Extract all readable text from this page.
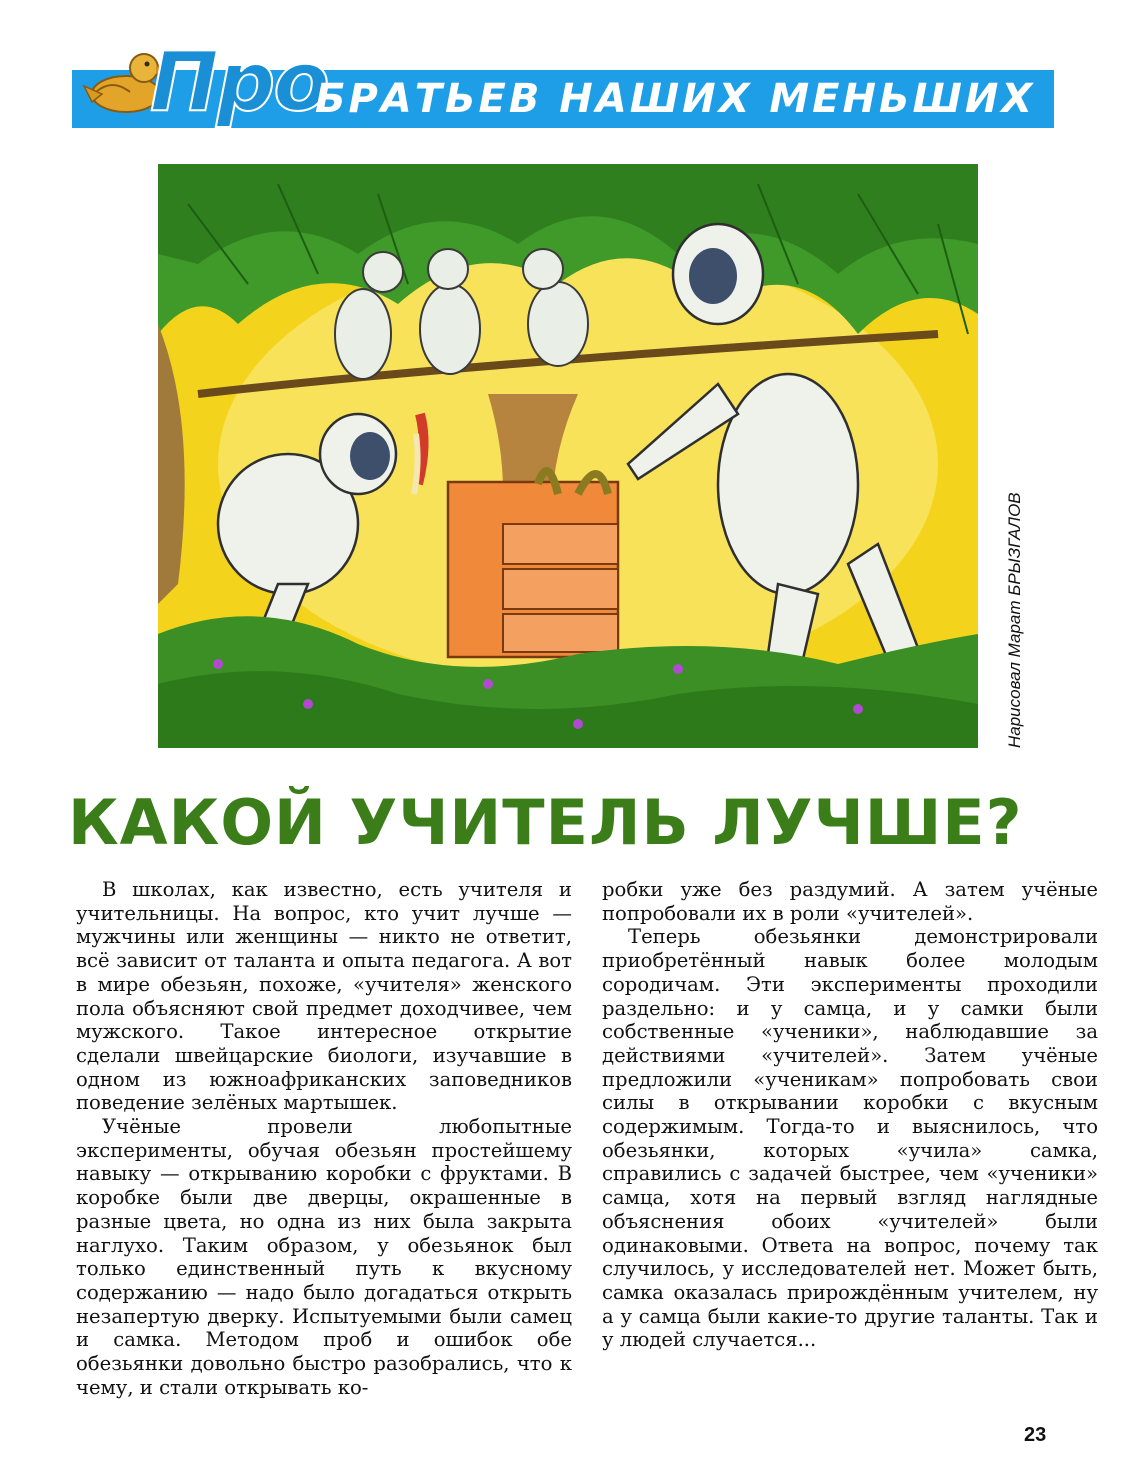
Про
БРАТЬЕВ НАШИХ МЕНЬШИХ
Нарисовал Марат БРЫЗГАЛОВ
КАКОЙ УЧИТЕЛЬ ЛУЧШЕ?

В школах, как известно, есть учителя и учительницы. На вопрос, кто учит лучше — мужчины или женщины — никто не ответит, всё зависит от таланта и опыта педагога. А вот в мире обезьян, похоже, «учителя» женского пола объясняют свой предмет доходчивее, чем мужского. Такое интересное открытие сделали швейцарские биологи, изучавшие в одном из южноафриканских заповедников поведение зелёных мартышек.

Учёные провели любопытные эксперименты, обучая обезьян простейшему навыку — открыванию коробки с фруктами. В коробке были две дверцы, окрашенные в разные цвета, но одна из них была закрыта наглухо. Таким образом, у обезьянок был только единственный путь к вкусному содержанию — надо было догадаться открыть незапертую дверку. Испытуемыми были самец и самка. Методом проб и ошибок обе обезьянки довольно быстро разобрались, что к чему, и стали открывать ко-

робки уже без раздумий. А затем учёные попробовали их в роли «учителей».

Теперь обезьянки демонстрировали приобретённый навык более молодым сородичам. Эти эксперименты проходили раздельно: и у самца, и у самки были собственные «ученики», наблюдавшие за действиями «учителей». Затем учёные предложили «ученикам» попробовать свои силы в открывании коробки с вкусным содержимым. Тогда-то и выяснилось, что обезьянки, которых «учила» самка, справились с задачей быстрее, чем «ученики» самца, хотя на первый взгляд наглядные объяснения обоих «учителей» были одинаковыми. Ответа на вопрос, почему так случилось, у исследователей нет. Может быть, самка оказалась прирождённым учителем, ну а у самца были какие-то другие таланты. Так и у людей случается...

23
